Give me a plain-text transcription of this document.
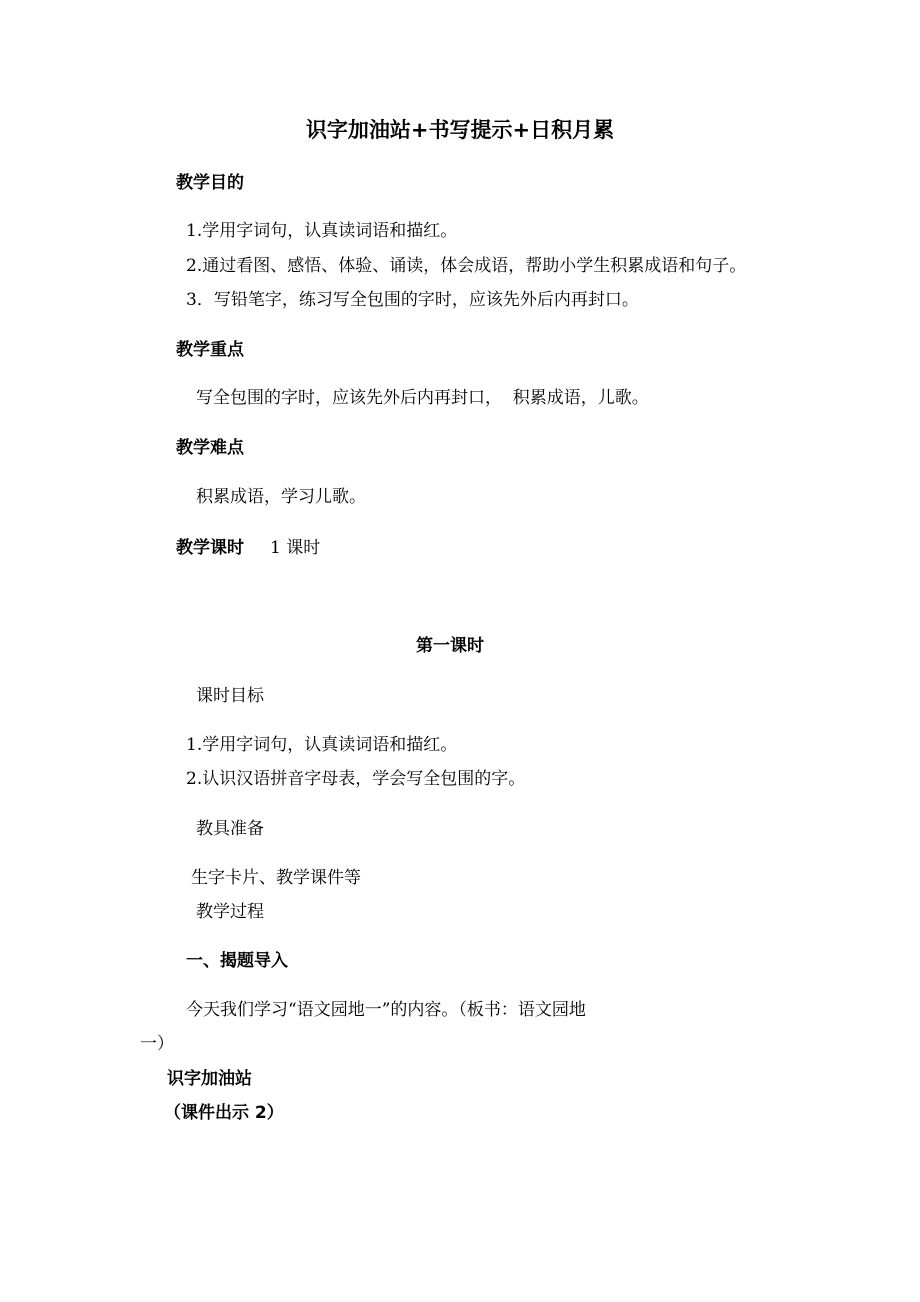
识字加油站+书写提示+日积月累
教学目的
1.学用字词句，认真读词语和描红。
2.通过看图、感悟、体验、诵读，体会成语，帮助小学生积累成语和句子。
3．写铅笔字，练习写全包围的字时，应该先外后内再封口。
教学重点
写全包围的字时，应该先外后内再封口，  积累成语，儿歌。
教学难点
积累成语，学习儿歌。
教学课时 1 课时
第一课时
课时目标
1.学用字词句，认真读词语和描红。
2.认识汉语拼音字母表，学会写全包围的字。
教具准备
生字卡片、教学课件等
教学过程
一、揭题导入
今天我们学习“语文园地一”的内容。（板书：语文园地
一）
识字加油站
（课件出示 2）
